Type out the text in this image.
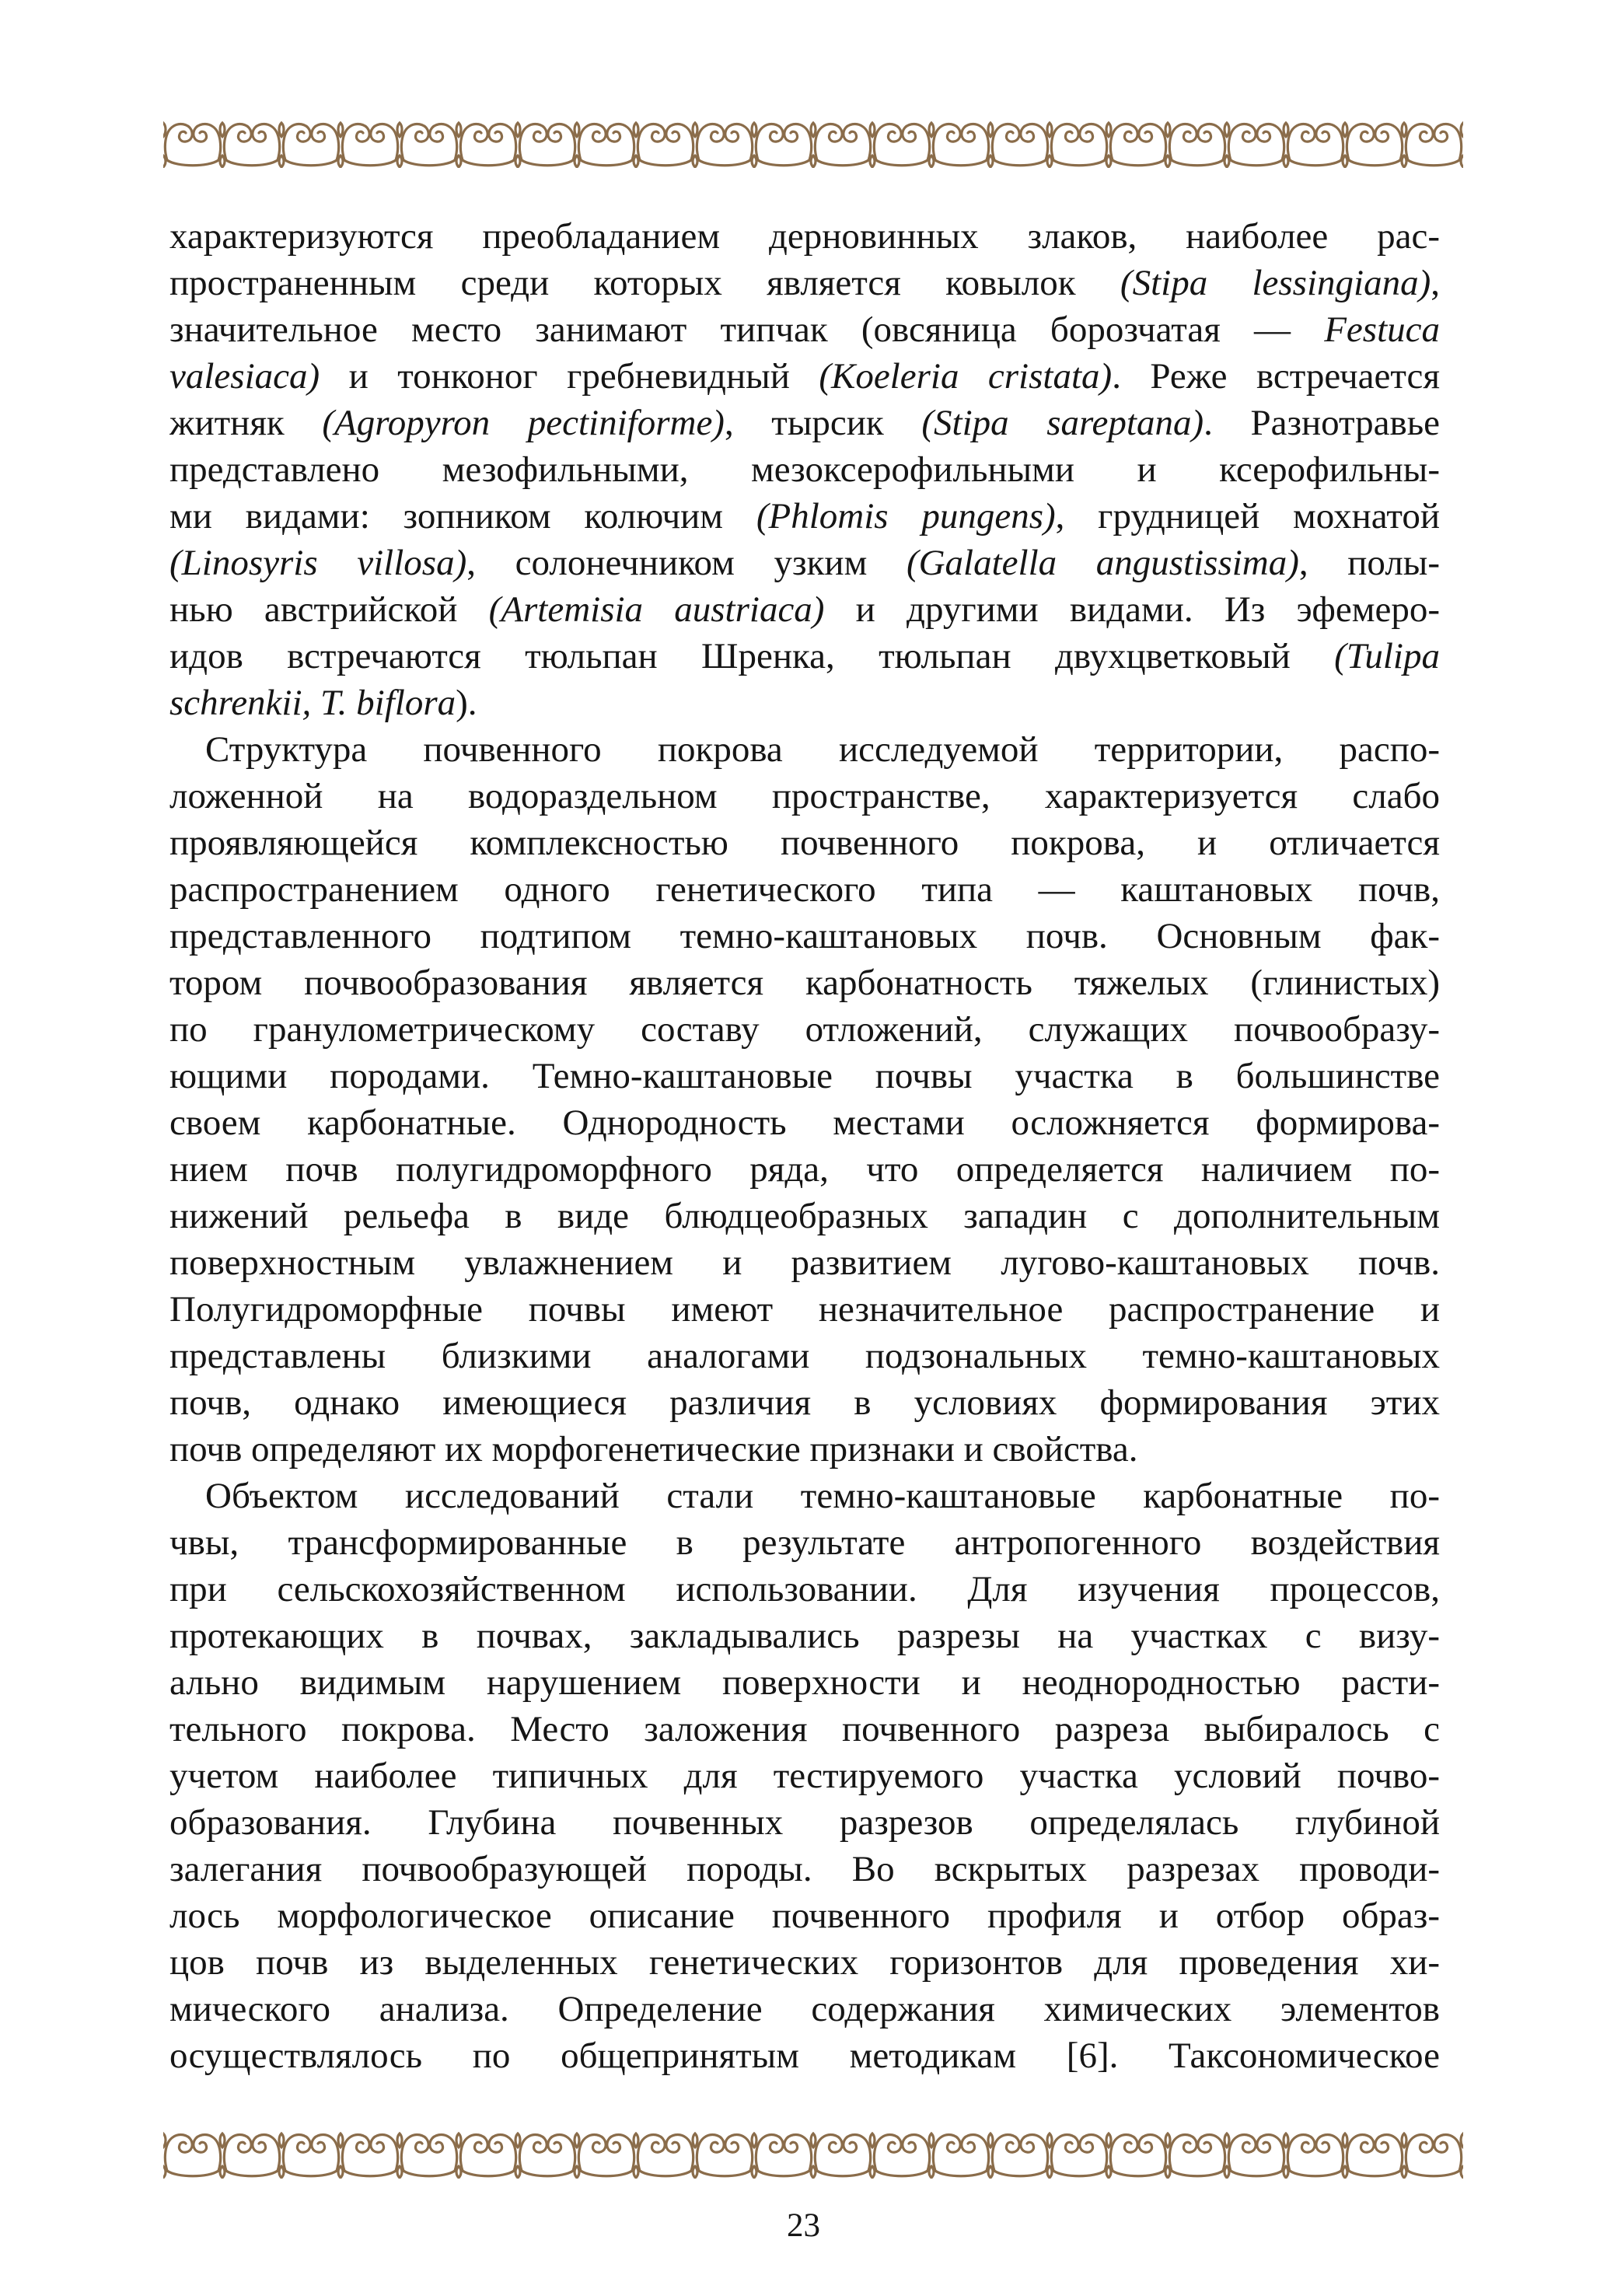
характеризуются преобладанием дерновинных злаков, наиболее рас-
пространенным среди которых является ковылок (Stipa lessingiana),
значительное место занимают типчак (овсяница борозчатая — Festuca
valesiaca) и тонконог гребневидный (Koeleria cristata). Реже встречается
житняк (Agropyron pectiniforme), тырсик (Stipa sareptana). Разнотравье
представлено мезофильными, мезоксерофильными и ксерофильны-
ми видами: зопником колючим (Phlomis pungens), грудницей мохнатой
(Linosyris villosa), солонечником узким (Galatella angustissima), полы-
нью австрийской (Artemisia austriaca) и другими видами. Из эфемеро-
идов встречаются тюльпан Шренка, тюльпан двухцветковый (Tulipa
schrenkii, T. biflora).
Структура почвенного покрова исследуемой территории, распо-
ложенной на водораздельном пространстве, характеризуется слабо
проявляющейся комплексностью почвенного покрова, и отличается
распространением одного генетического типа — каштановых почв,
представленного подтипом темно-каштановых почв. Основным фак-
тором почвообразования является карбонатность тяжелых (глинистых)
по гранулометрическому составу отложений, служащих почвообразу-
ющими породами. Темно-каштановые почвы участка в большинстве
своем карбонатные. Однородность местами осложняется формирова-
нием почв полугидроморфного ряда, что определяется наличием по-
нижений рельефа в виде блюдцеобразных западин с дополнительным
поверхностным увлажнением и развитием лугово-каштановых почв.
Полугидроморфные почвы имеют незначительное распространение и
представлены близкими аналогами подзональных темно-каштановых
почв, однако имеющиеся различия в условиях формирования этих
почв определяют их морфогенетические признаки и свойства.
Объектом исследований стали темно-каштановые карбонатные по-
чвы, трансформированные в результате антропогенного воздействия
при сельскохозяйственном использовании. Для изучения процессов,
протекающих в почвах, закладывались разрезы на участках с визу-
ально видимым нарушением поверхности и неоднородностью расти-
тельного покрова. Место заложения почвенного разреза выбиралось с
учетом наиболее типичных для тестируемого участка условий почво-
образования. Глубина почвенных разрезов определялась глубиной
залегания почвообразующей породы. Во вскрытых разрезах проводи-
лось морфологическое описание почвенного профиля и отбор образ-
цов почв из выделенных генетических горизонтов для проведения хи-
мического анализа. Определение содержания химических элементов
осуществлялось по общепринятым методикам [6]. Таксономическое
23
